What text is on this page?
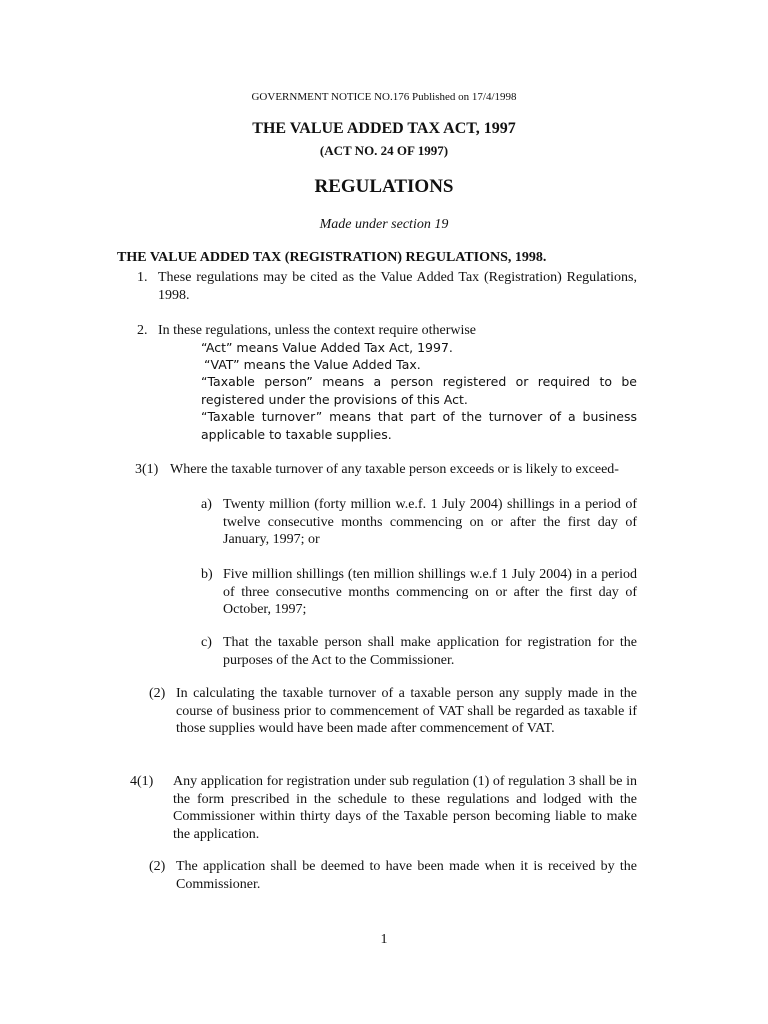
GOVERNMENT NOTICE NO.176 Published on 17/4/1998
THE VALUE ADDED TAX ACT, 1997
(ACT NO. 24 OF 1997)
REGULATIONS
Made under section 19
THE VALUE ADDED TAX (REGISTRATION) REGULATIONS, 1998.
1. These regulations may be cited as the Value Added Tax (Registration) Regulations, 1998.
2. In these regulations, unless the context require otherwise
“Act” means Value Added Tax Act, 1997.
“VAT” means the Value Added Tax.
“Taxable person” means a person registered or required to be registered under the provisions of this Act.
“Taxable turnover” means that part of the turnover of a business applicable to taxable supplies.
3(1) Where the taxable turnover of any taxable person exceeds or is likely to exceed-
a) Twenty million (forty million w.e.f. 1 July 2004) shillings in a period of twelve consecutive months commencing on or after the first day of January, 1997; or
b) Five million shillings (ten million shillings w.e.f 1 July 2004) in a period of three consecutive months commencing on or after the first day of October, 1997;
c) That the taxable person shall make application for registration for the purposes of the Act to the Commissioner.
(2) In calculating the taxable turnover of a taxable person any supply made in the course of business prior to commencement of VAT shall be regarded as taxable if those supplies would have been made after commencement of VAT.
4(1) Any application for registration under sub regulation (1) of regulation 3 shall be in the form prescribed in the schedule to these regulations and lodged with the Commissioner within thirty days of the Taxable person becoming liable to make the application.
(2) The application shall be deemed to have been made when it is received by the Commissioner.
1
